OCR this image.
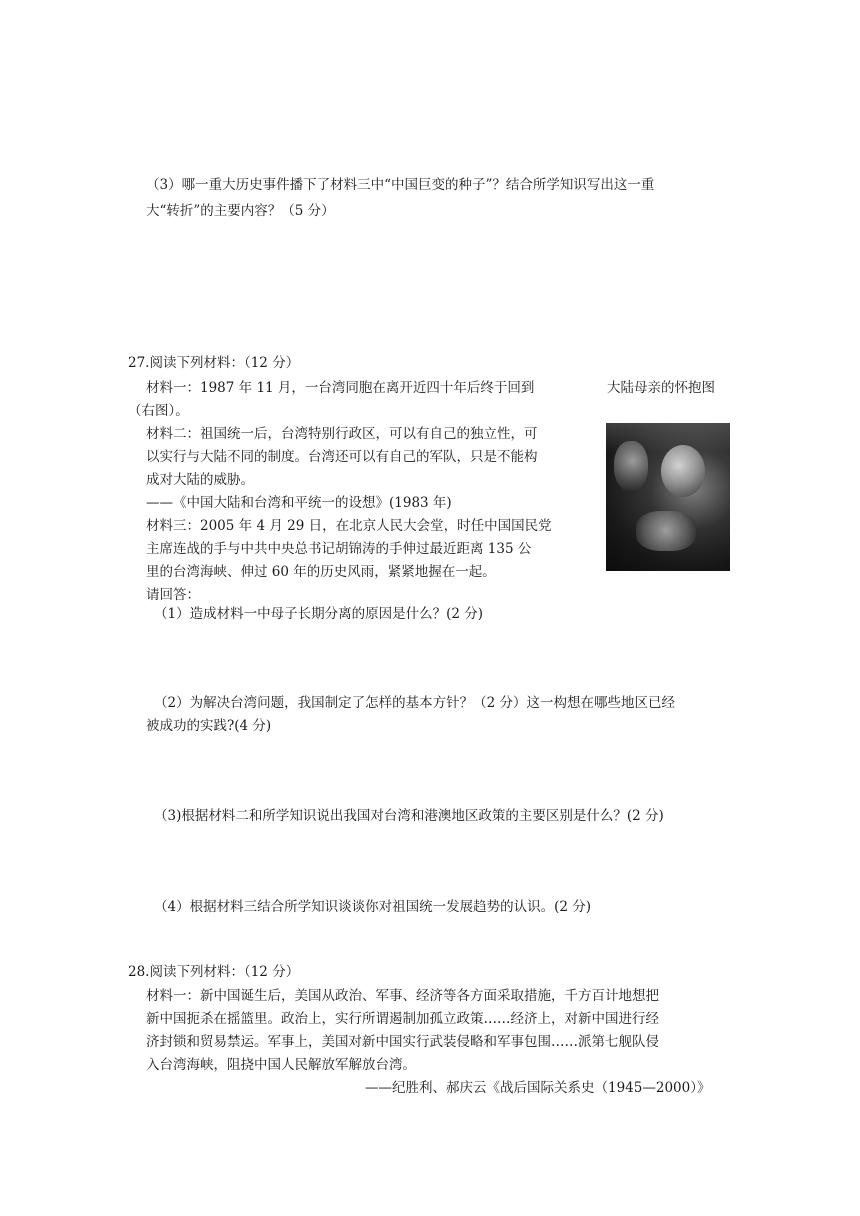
（3）哪一重大历史事件播下了材料三中“中国巨变的种子”？结合所学知识写出这一重
大“转折”的主要内容？（5 分）
27.阅读下列材料：（12 分）
材料一：1987 年 11 月，一台湾同胞在离开近四十年后终于回到	大陆母亲的怀抱图
（右图）。
材料二：祖国统一后，台湾特别行政区，可以有自己的独立性，可
以实行与大陆不同的制度。台湾还可以有自己的军队，只是不能构
成对大陆的威胁。
——《中国大陆和台湾和平统一的设想》(1983 年)
材料三：2005 年 4 月 29 日，在北京人民大会堂，时任中国国民党
主席连战的手与中共中央总书记胡锦涛的手伸过最近距离 135 公
里的台湾海峡、伸过 60 年的历史风雨，紧紧地握在一起。
请回答：
（1）造成材料一中母子长期分离的原因是什么？(2 分)
（2）为解决台湾问题，我国制定了怎样的基本方针？（2 分）这一构想在哪些地区已经
被成功的实践?(4 分)
（3)根据材料二和所学知识说出我国对台湾和港澳地区政策的主要区别是什么？(2 分)
（4）根据材料三结合所学知识谈谈你对祖国统一发展趋势的认识。(2 分)
28.阅读下列材料：（12 分）
材料一：新中国诞生后，美国从政治、军事、经济等各方面采取措施，千方百计地想把
新中国扼杀在摇篮里。政治上，实行所谓遏制加孤立政策……经济上，对新中国进行经
济封锁和贸易禁运。军事上，美国对新中国实行武装侵略和军事包围……派第七舰队侵
入台湾海峡，阻挠中国人民解放军解放台湾。
——纪胜利、郝庆云《战后国际关系史（1945—2000）》
